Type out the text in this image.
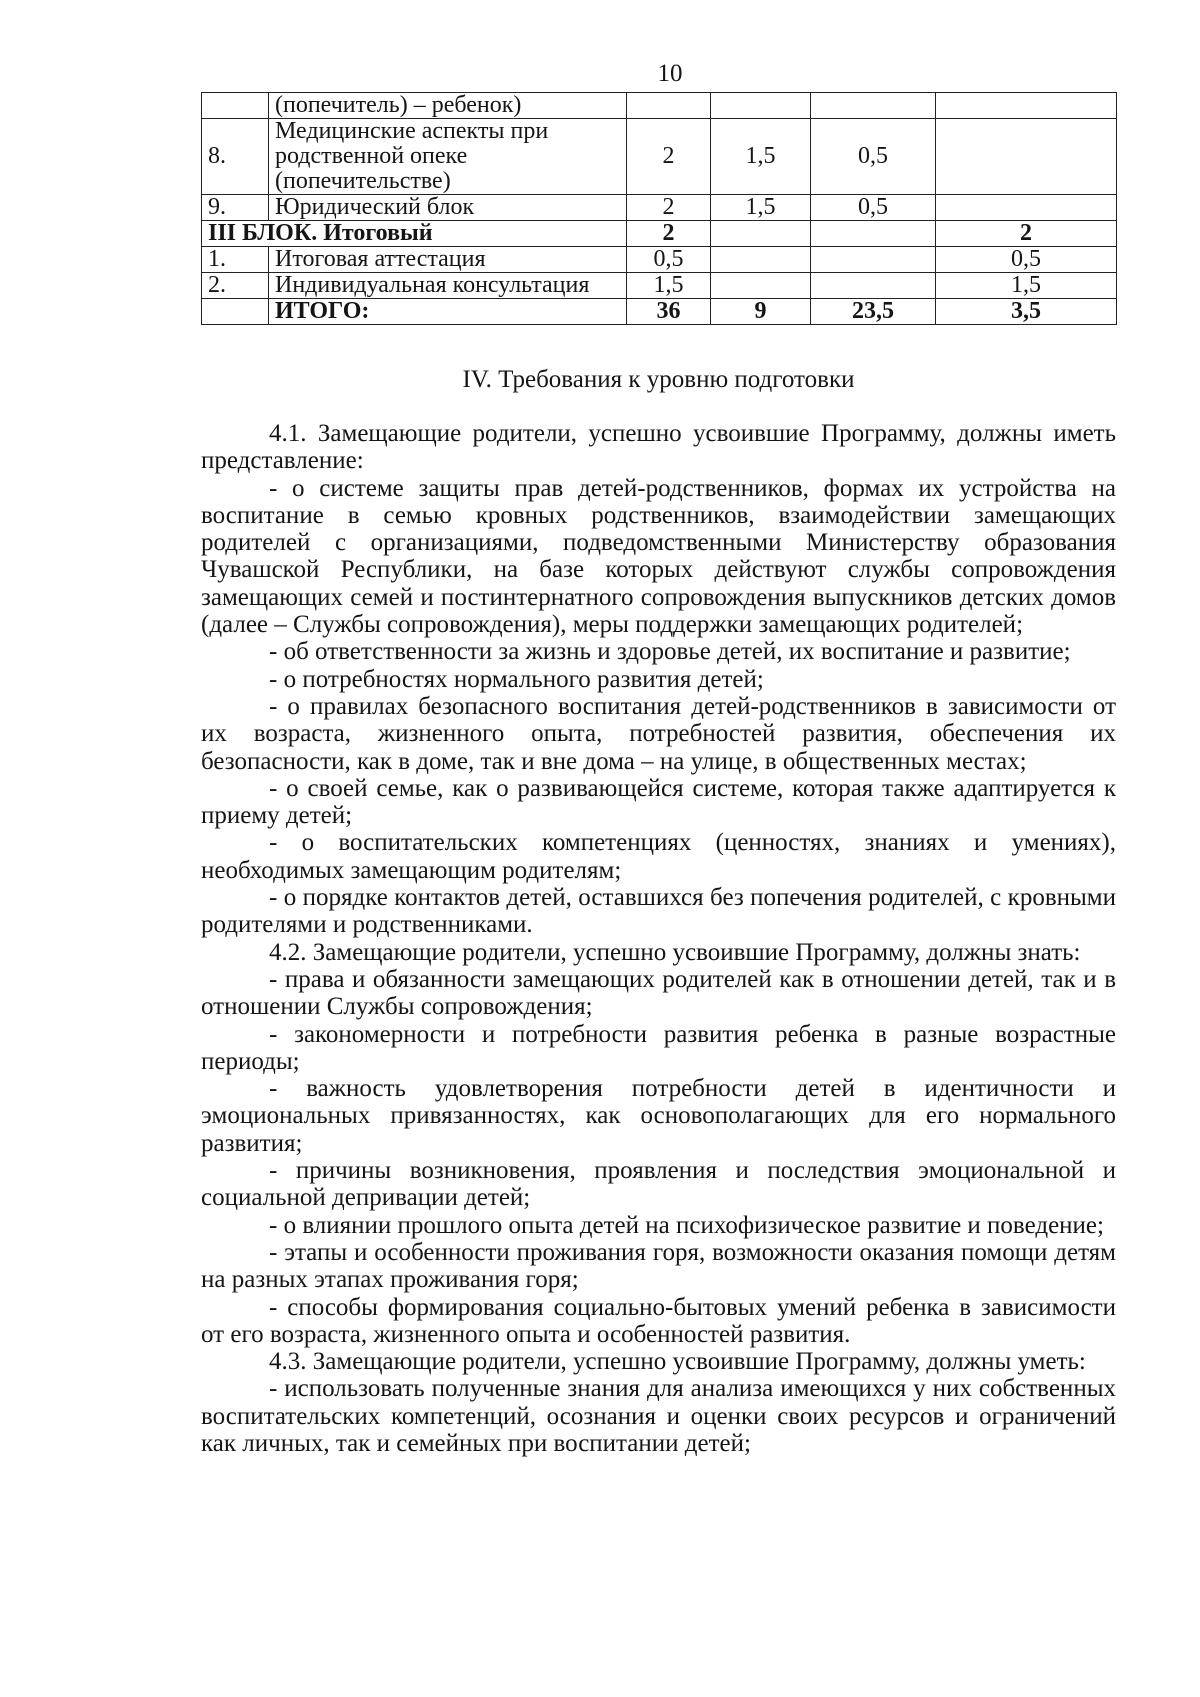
10
	(попечитель) – ребенок)				
8.	Медицинские аспекты при родственной опеке (попечительстве)	2	1,5	0,5	
9.	Юридический блок	2	1,5	0,5	
III БЛОК. Итоговый		2			2
1.	Итоговая аттестация	0,5			0,5
2.	Индивидуальная консультация	1,5			1,5
	ИТОГО:	36	9	23,5	3,5
IV. Требования к уровню подготовки

4.1. Замещающие родители, успешно усвоившие Программу, должны иметь представление:

- о системе защиты прав детей-родственников, формах их устройства на воспитание в семью кровных родственников, взаимодействии замещающих родителей с организациями, подведомственными Министерству образования Чувашской Республики, на базе которых действуют службы сопровождения замещающих семей и постинтернатного сопровождения выпускников детских домов (далее – Службы сопровождения), меры поддержки замещающих родителей;

- об ответственности за жизнь и здоровье детей, их воспитание и развитие;

- о потребностях нормального развития детей;

- о правилах безопасного воспитания детей-родственников в зависимости от их возраста, жизненного опыта, потребностей развития, обеспечения их безопасности, как в доме, так и вне дома – на улице, в общественных местах;

- о своей семье, как о развивающейся системе, которая также адаптируется к приему детей;

- о воспитательских компетенциях (ценностях, знаниях и умениях), необходимых замещающим родителям;

- о порядке контактов детей, оставшихся без попечения родителей, с кровными родителями и родственниками.

4.2. Замещающие родители, успешно усвоившие Программу, должны знать:

- права и обязанности замещающих родителей как в отношении детей, так и в отношении Службы сопровождения;

- закономерности и потребности развития ребенка в разные возрастные периоды;

- важность удовлетворения потребности детей в идентичности и эмоциональных привязанностях, как основополагающих для его нормального развития;

- причины возникновения, проявления и последствия эмоциональной и социальной депривации детей;

- о влиянии прошлого опыта детей на психофизическое развитие и поведение;

- этапы и особенности проживания горя, возможности оказания помощи детям на разных этапах проживания горя;

- способы формирования социально-бытовых умений ребенка в зависимости от его возраста, жизненного опыта и особенностей развития.

4.3. Замещающие родители, успешно усвоившие Программу, должны уметь:

- использовать полученные знания для анализа имеющихся у них собственных воспитательских компетенций, осознания и оценки своих ресурсов и ограничений как личных, так и семейных при воспитании детей;
